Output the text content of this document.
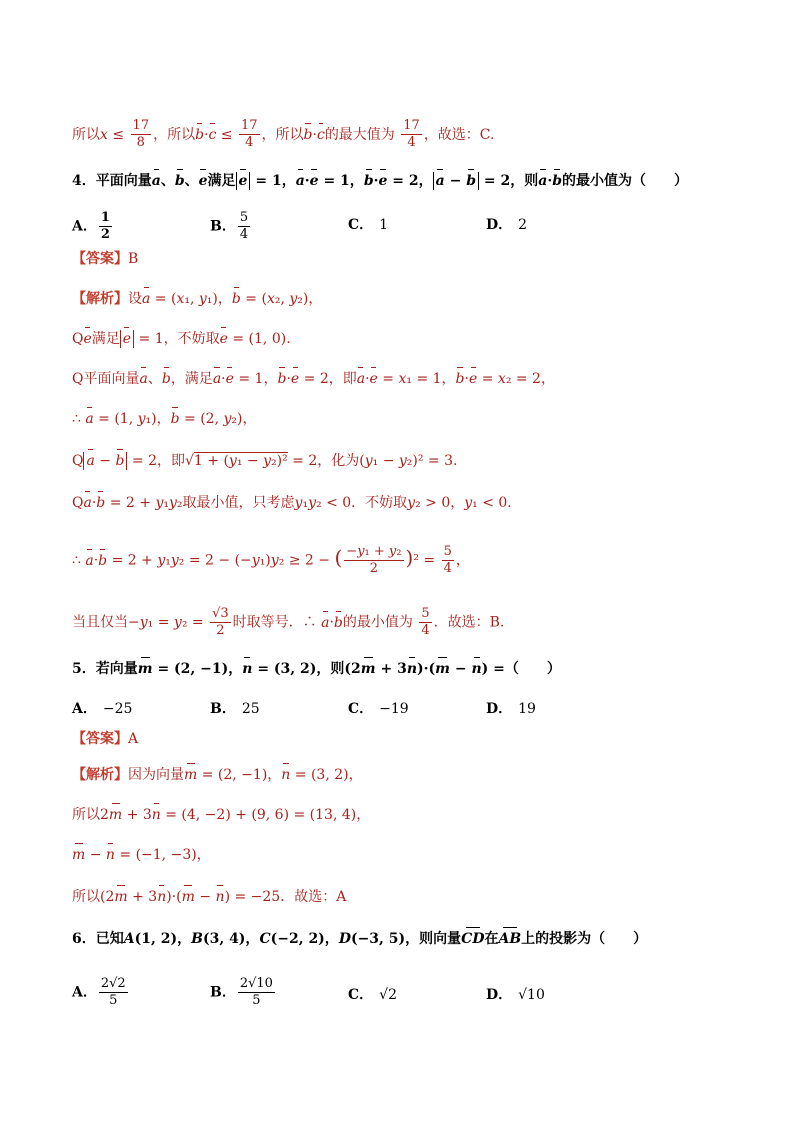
所以$x \le \frac{17}{8}$ ，所以$b\cdot c \le \frac{17}{4}$ ，所以b·c的最大值为 $\frac{17}{4}$ ，故选：C.
4．平面向量a、b、e满足 e = 1，a·e = 1，b·e = 2， a − b = 2，则a·b的最小值为（　　）
A． $\frac{1}{2}$	B． $\frac{5}{4}$	C． 1	D． 2
【答案】B
【解析】设a = (x₁, y₁)，b = (x₂, y₂)，
Qe满足 e = 1，不妨取e = (1, 0).
Q平面向量a、b，满足a·e = 1，b·e = 2，即a·e = x₁ = 1，b·e = x₂ = 2，
∴ a = (1, y₁)，b = (2, y₂)，
Q a − b = 2，即√1 + (y₁ − y₂)² = 2，化为(y₁ − y₂)² = 3.
Qa·b = 2 + y₁y₂取最小值，只考虑y₁y₂ < 0．不妨取y₂ > 0，y₁ < 0.
∴ a·b = 2 + y₁y₂ = 2 − (−y₁)y₂ ≥ 2 − ( $\frac{\text{−y₁ + y₂}}{2} )^2 = \frac{5}{4}$ ，
当且仅当$-y_1 = y_2 = \frac{√3}{2}$ 时取等号．∴ a·b的最小值为 $\frac{5}{4}$ ．故选：B.
5．若向量m = (2, −1)，n = (3, 2)，则(2m + 3n)·(m − n) =（　　）
A． −25	B． 25	C． −19	D． 19
【答案】A
【解析】因为向量m = (2, −1)，n = (3, 2)，
所以2m + 3n = (4, −2) + (9, 6) = (13, 4)，
m − n = (−1, −3)，
所以(2m + 3n)·(m − n) = −25．故选：A
6．已知A(1, 2)，B(3, 4)，C(−2, 2)，D(−3, 5)，则向量CD在AB上的投影为（　　）
A． $\frac{2√2}{5}$	B． $\frac{2√10}{5}$	C． √2	D． √10
